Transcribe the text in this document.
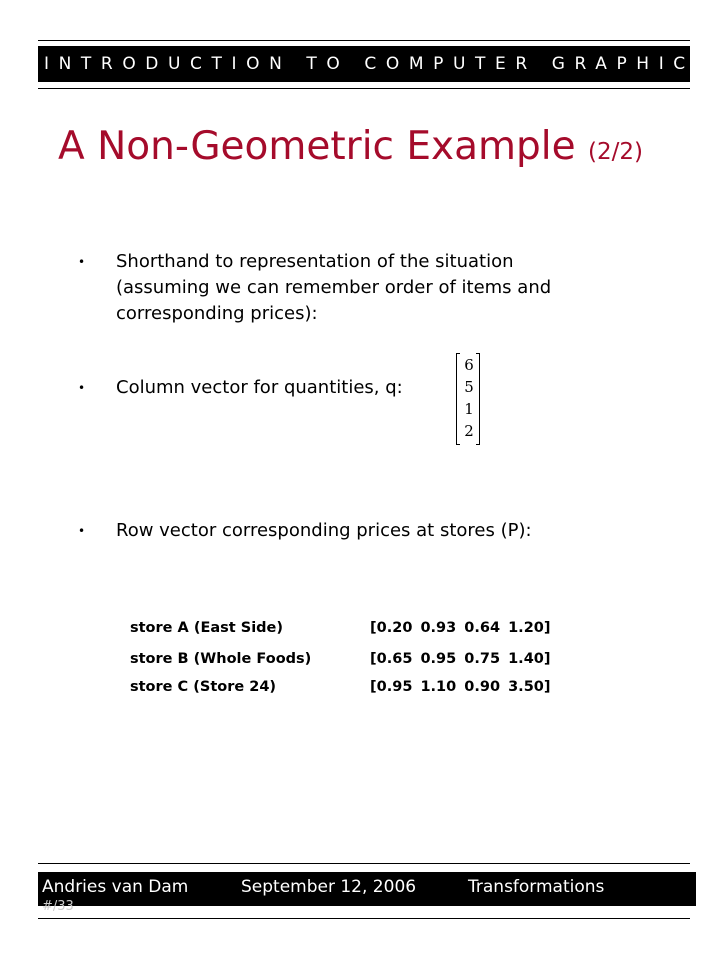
INTRODUCTION TO COMPUTER GRAPHICS
A Non-Geometric Example (2/2)
• Shorthand to representation of the situation
(assuming we can remember order of items and
corresponding prices):
• Column vector for quantities, q:
6
5
1
2
• Row vector corresponding prices at stores (P):
store A (East Side)	[0.20 0.93 0.64 1.20]
store B (Whole Foods)	[0.65 0.95 0.75 1.40]
store C (Store 24)	[0.95 1.10 0.90 3.50]
Andries van Dam	September 12, 2006	Transformations
#/33
